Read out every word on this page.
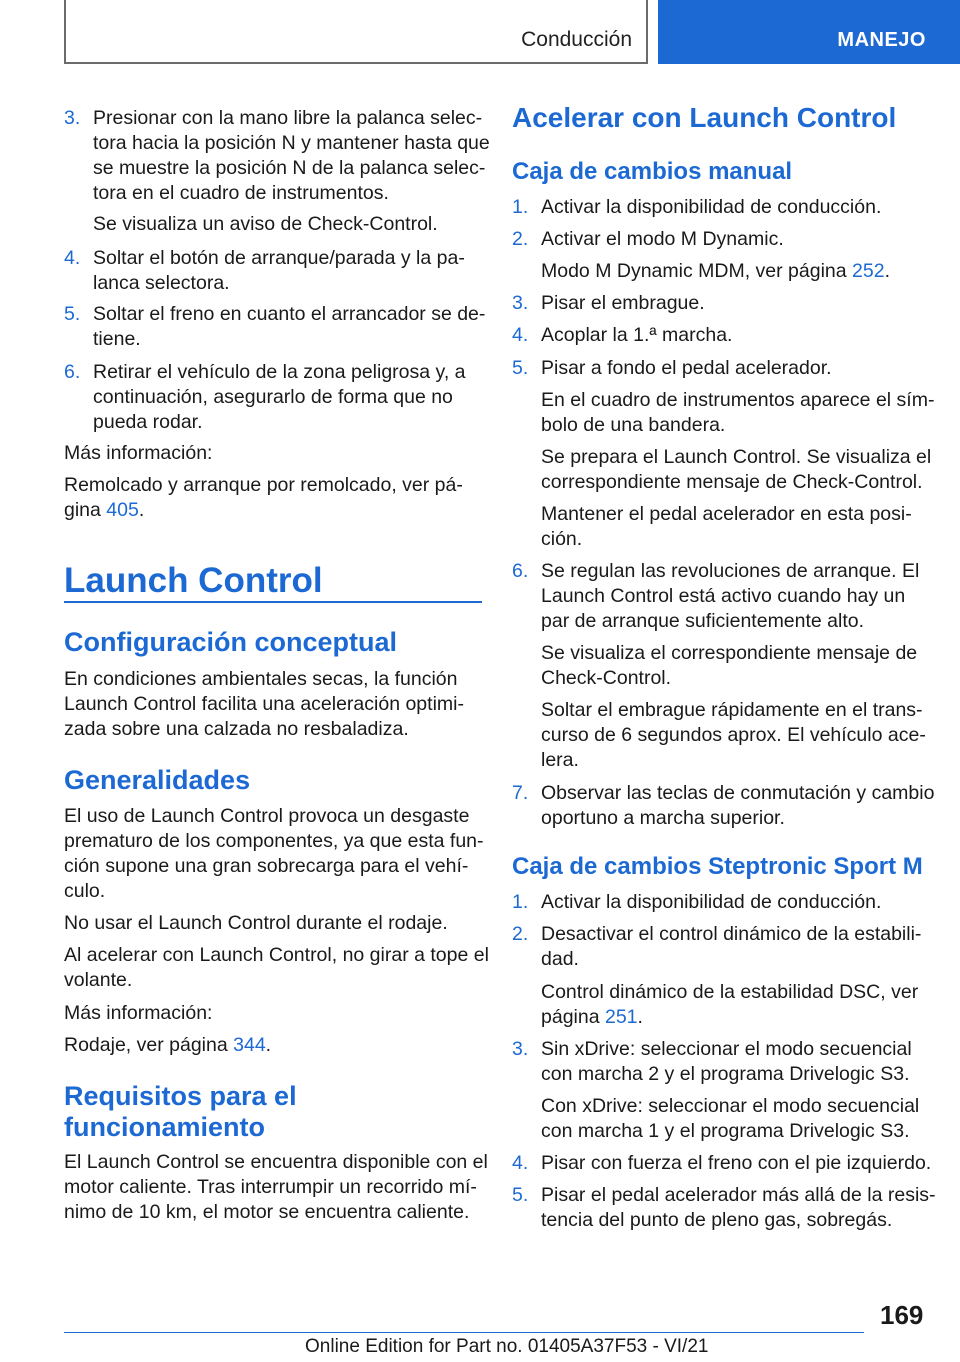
Conducción	MANEJO
3. Presionar con la mano libre la palanca selec-
tora hacia la posición N y mantener hasta que
se muestre la posición N de la palanca selec-
tora en el cuadro de instrumentos.
Se visualiza un aviso de Check-Control.
4. Soltar el botón de arranque/parada y la pa-
lanca selectora.
5. Soltar el freno en cuanto el arrancador se de-
tiene.
6. Retirar el vehículo de la zona peligrosa y, a
continuación, asegurarlo de forma que no
pueda rodar.
Más información:
Remolcado y arranque por remolcado, ver pá-
gina 405.
Launch Control
Configuración conceptual
En condiciones ambientales secas, la función
Launch Control facilita una aceleración optimi-
zada sobre una calzada no resbaladiza.
Generalidades
El uso de Launch Control provoca un desgaste
prematuro de los componentes, ya que esta fun-
ción supone una gran sobrecarga para el vehí-
culo.
No usar el Launch Control durante el rodaje.
Al acelerar con Launch Control, no girar a tope el
volante.
Más información:
Rodaje, ver página 344.
Requisitos para el
funcionamiento
El Launch Control se encuentra disponible con el
motor caliente. Tras interrumpir un recorrido mí-
nimo de 10 km, el motor se encuentra caliente.
Acelerar con Launch Control
Caja de cambios manual
1. Activar la disponibilidad de conducción.
2. Activar el modo M Dynamic.
Modo M Dynamic MDM, ver página 252.
3. Pisar el embrague.
4. Acoplar la 1.ª marcha.
5. Pisar a fondo el pedal acelerador.
En el cuadro de instrumentos aparece el sím-
bolo de una bandera.
Se prepara el Launch Control. Se visualiza el
correspondiente mensaje de Check-Control.
Mantener el pedal acelerador en esta posi-
ción.
6. Se regulan las revoluciones de arranque. El
Launch Control está activo cuando hay un
par de arranque suficientemente alto.
Se visualiza el correspondiente mensaje de
Check-Control.
Soltar el embrague rápidamente en el trans-
curso de 6 segundos aprox. El vehículo ace-
lera.
7. Observar las teclas de conmutación y cambio
oportuno a marcha superior.
Caja de cambios Steptronic Sport M
1. Activar la disponibilidad de conducción.
2. Desactivar el control dinámico de la estabili-
dad.
Control dinámico de la estabilidad DSC, ver
página 251.
3. Sin xDrive: seleccionar el modo secuencial
con marcha 2 y el programa Drivelogic S3.
Con xDrive: seleccionar el modo secuencial
con marcha 1 y el programa Drivelogic S3.
4. Pisar con fuerza el freno con el pie izquierdo.
5. Pisar el pedal acelerador más allá de la resis-
tencia del punto de pleno gas, sobregás.
169
Online Edition for Part no. 01405A37F53 - VI/21
